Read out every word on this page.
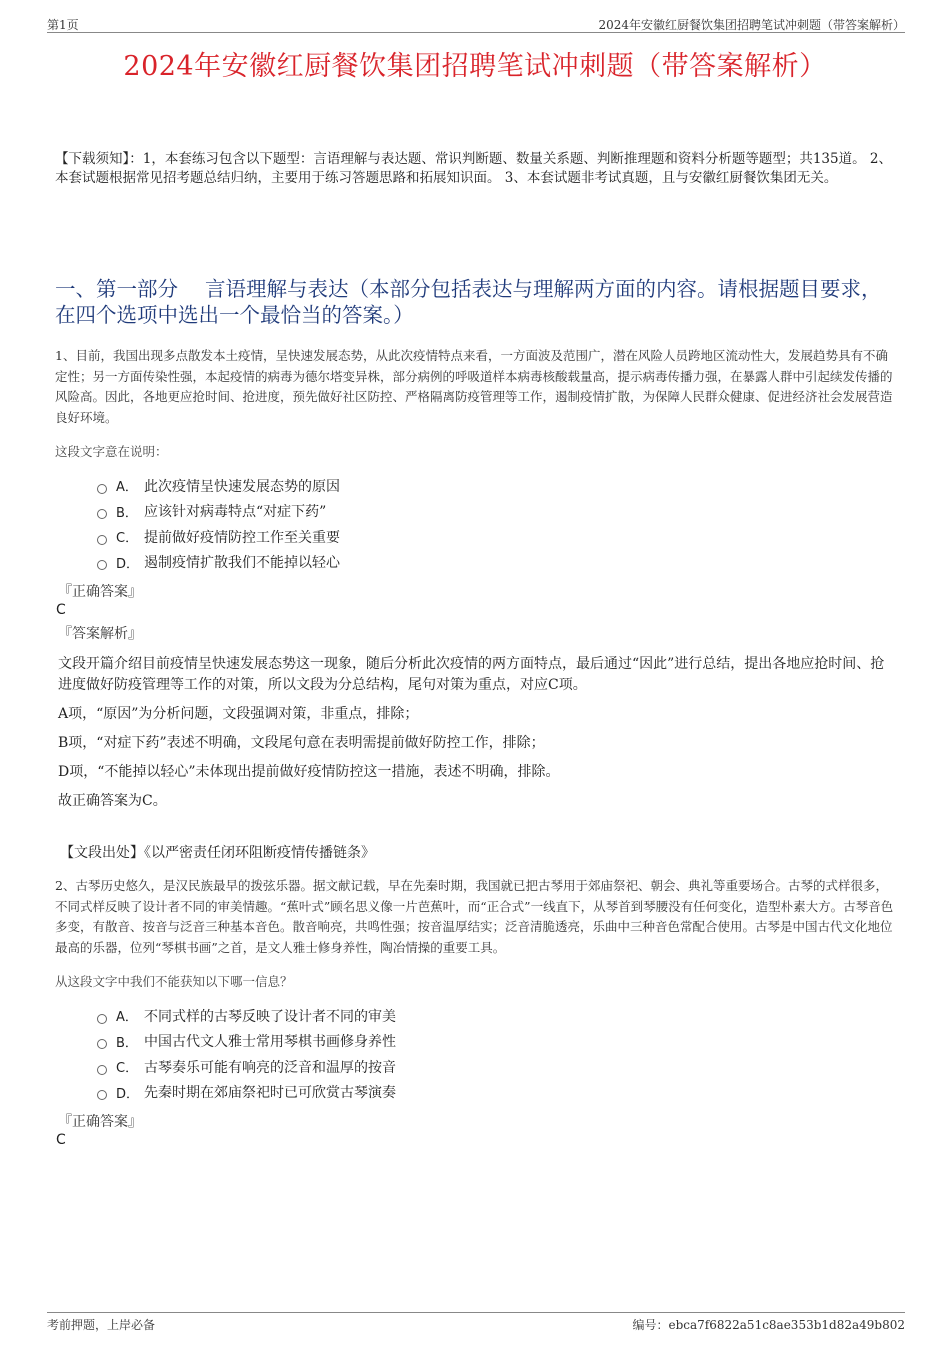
第1页	2024年安徽红厨餐饮集团招聘笔试冲刺题（带答案解析）
2024年安徽红厨餐饮集团招聘笔试冲刺题（带答案解析）
【下载须知】：1，本套练习包含以下题型：言语理解与表达题、常识判断题、数量关系题、判断推理题和资料分析题等题型；共135道。 2、本套试题根据常见招考题总结归纳，主要用于练习答题思路和拓展知识面。 3、本套试题非考试真题，且与安徽红厨餐饮集团无关。
一、第一部分　 言语理解与表达（本部分包括表达与理解两方面的内容。请根据题目要求，在四个选项中选出一个最恰当的答案。）
1、目前，我国出现多点散发本土疫情，呈快速发展态势，从此次疫情特点来看，一方面波及范围广，潜在风险人员跨地区流动性大，发展趋势具有不确定性；另一方面传染性强，本起疫情的病毒为德尔塔变异株，部分病例的呼吸道样本病毒核酸载量高，提示病毒传播力强，在暴露人群中引起续发传播的风险高。因此，各地更应抢时间、抢进度，预先做好社区防控、严格隔离防疫管理等工作，遏制疫情扩散，为保障人民群众健康、促进经济社会发展营造良好环境。
这段文字意在说明：
A． 此次疫情呈快速发展态势的原因
B． 应该针对病毒特点“对症下药”
C． 提前做好疫情防控工作至关重要
D． 遏制疫情扩散我们不能掉以轻心
『正确答案』
C
『答案解析』

文段开篇介绍目前疫情呈快速发展态势这一现象，随后分析此次疫情的两方面特点，最后通过“因此”进行总结，提出各地应抢时间、抢进度做好防疫管理等工作的对策，所以文段为分总结构，尾句对策为重点，对应C项。

A项，“原因”为分析问题，文段强调对策，非重点，排除；

B项，“对症下药”表述不明确，文段尾句意在表明需提前做好防控工作，排除；

D项，“不能掉以轻心”未体现出提前做好疫情防控这一措施，表述不明确，排除。

故正确答案为C。

【文段出处】《以严密责任闭环阻断疫情传播链条》
2、古琴历史悠久，是汉民族最早的拨弦乐器。据文献记载，早在先秦时期，我国就已把古琴用于郊庙祭祀、朝会、典礼等重要场合。古琴的式样很多，不同式样反映了设计者不同的审美情趣。“蕉叶式”顾名思义像一片芭蕉叶，而“正合式”一线直下，从琴首到琴腰没有任何变化，造型朴素大方。古琴音色多变，有散音、按音与泛音三种基本音色。散音响亮，共鸣性强；按音温厚结实；泛音清脆透亮，乐曲中三种音色常配合使用。古琴是中国古代文化地位最高的乐器，位列“琴棋书画”之首，是文人雅士修身养性，陶冶情操的重要工具。
从这段文字中我们不能获知以下哪一信息？
A． 不同式样的古琴反映了设计者不同的审美
B． 中国古代文人雅士常用琴棋书画修身养性
C． 古琴奏乐可能有响亮的泛音和温厚的按音
D． 先秦时期在郊庙祭祀时已可欣赏古琴演奏
『正确答案』
C
考前押题，上岸必备	编号：ebca7f6822a51c8ae353b1d82a49b802
